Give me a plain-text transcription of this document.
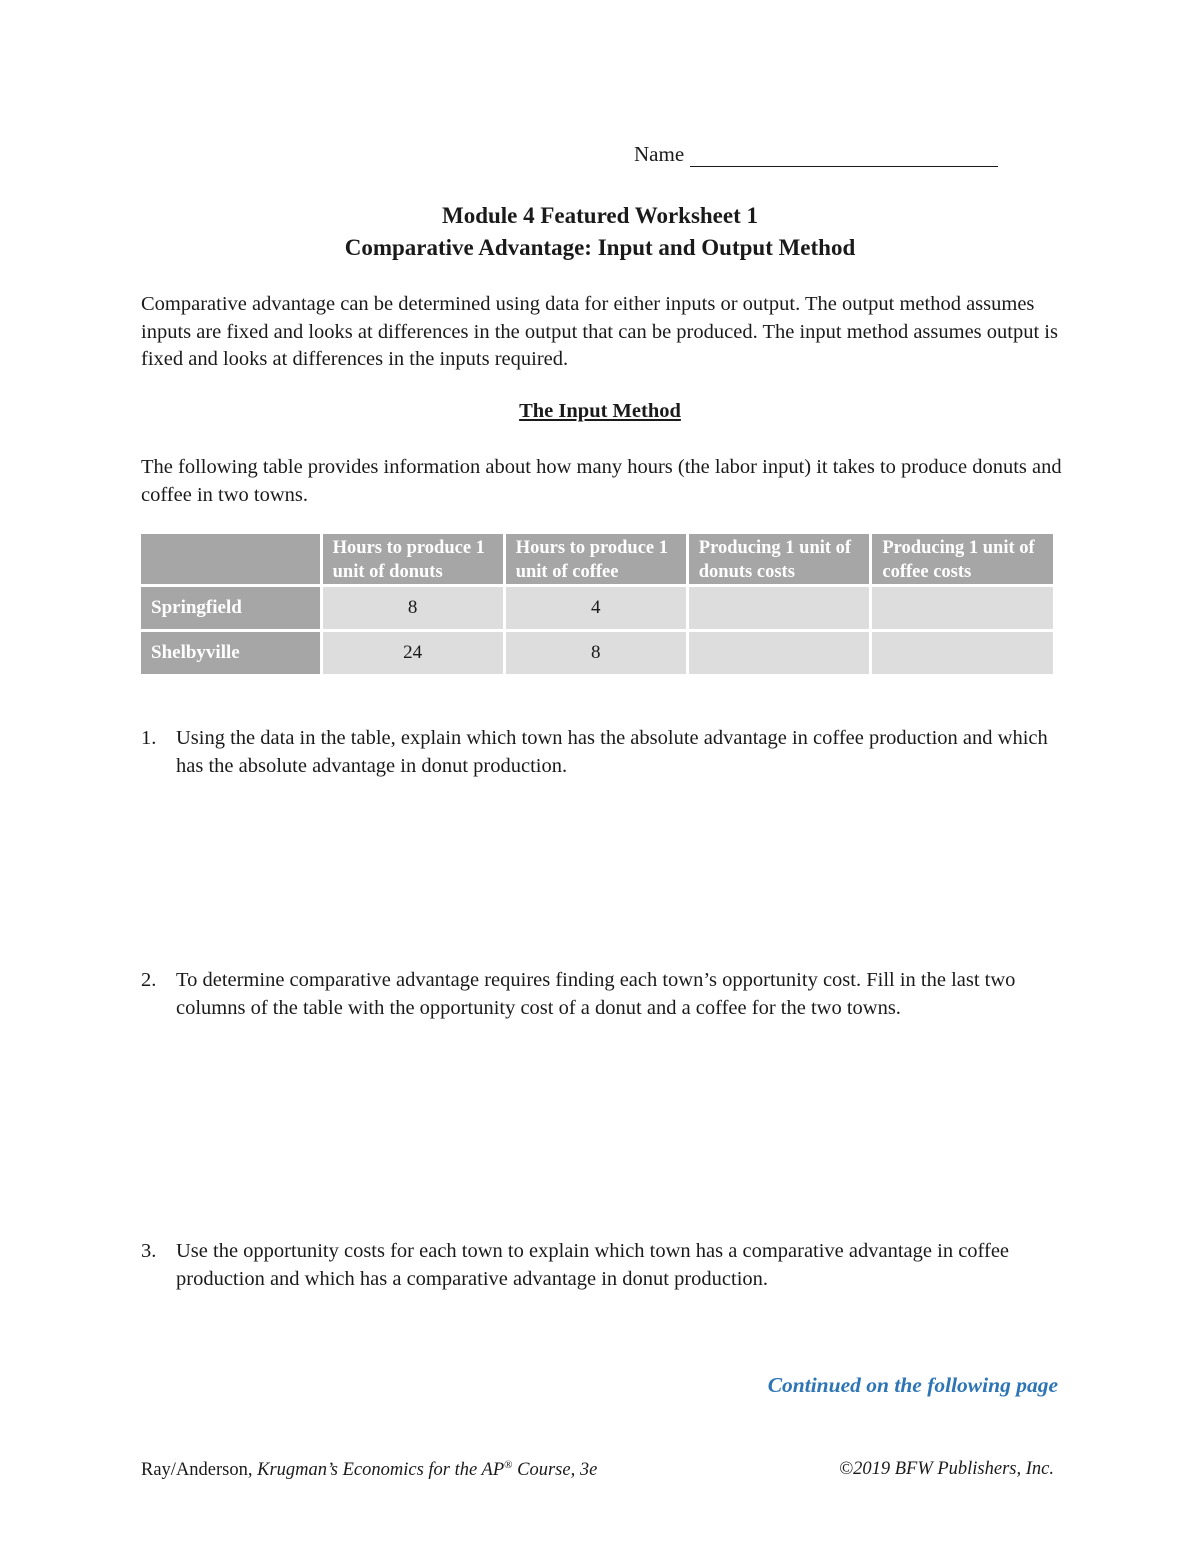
Name
Module 4 Featured Worksheet 1
Comparative Advantage: Input and Output Method
Comparative advantage can be determined using data for either inputs or output. The output method assumes inputs are fixed and looks at differences in the output that can be produced. The input method assumes output is fixed and looks at differences in the inputs required.
The Input Method
The following table provides information about how many hours (the labor input) it takes to produce donuts and coffee in two towns.
	Hours to produce 1 unit of donuts	Hours to produce 1 unit of coffee	Producing 1 unit of donuts costs	Producing 1 unit of coffee costs
Springfield	8	4		
Shelbyville	24	8		
1. Using the data in the table, explain which town has the absolute advantage in coffee production and which has the absolute advantage in donut production.
2. To determine comparative advantage requires finding each town’s opportunity cost. Fill in the last two columns of the table with the opportunity cost of a donut and a coffee for the two towns.
3. Use the opportunity costs for each town to explain which town has a comparative advantage in coffee production and which has a comparative advantage in donut production.
Continued on the following page
Ray/Anderson, Krugman’s Economics for the AP® Course, 3e	©2019 BFW Publishers, Inc.
